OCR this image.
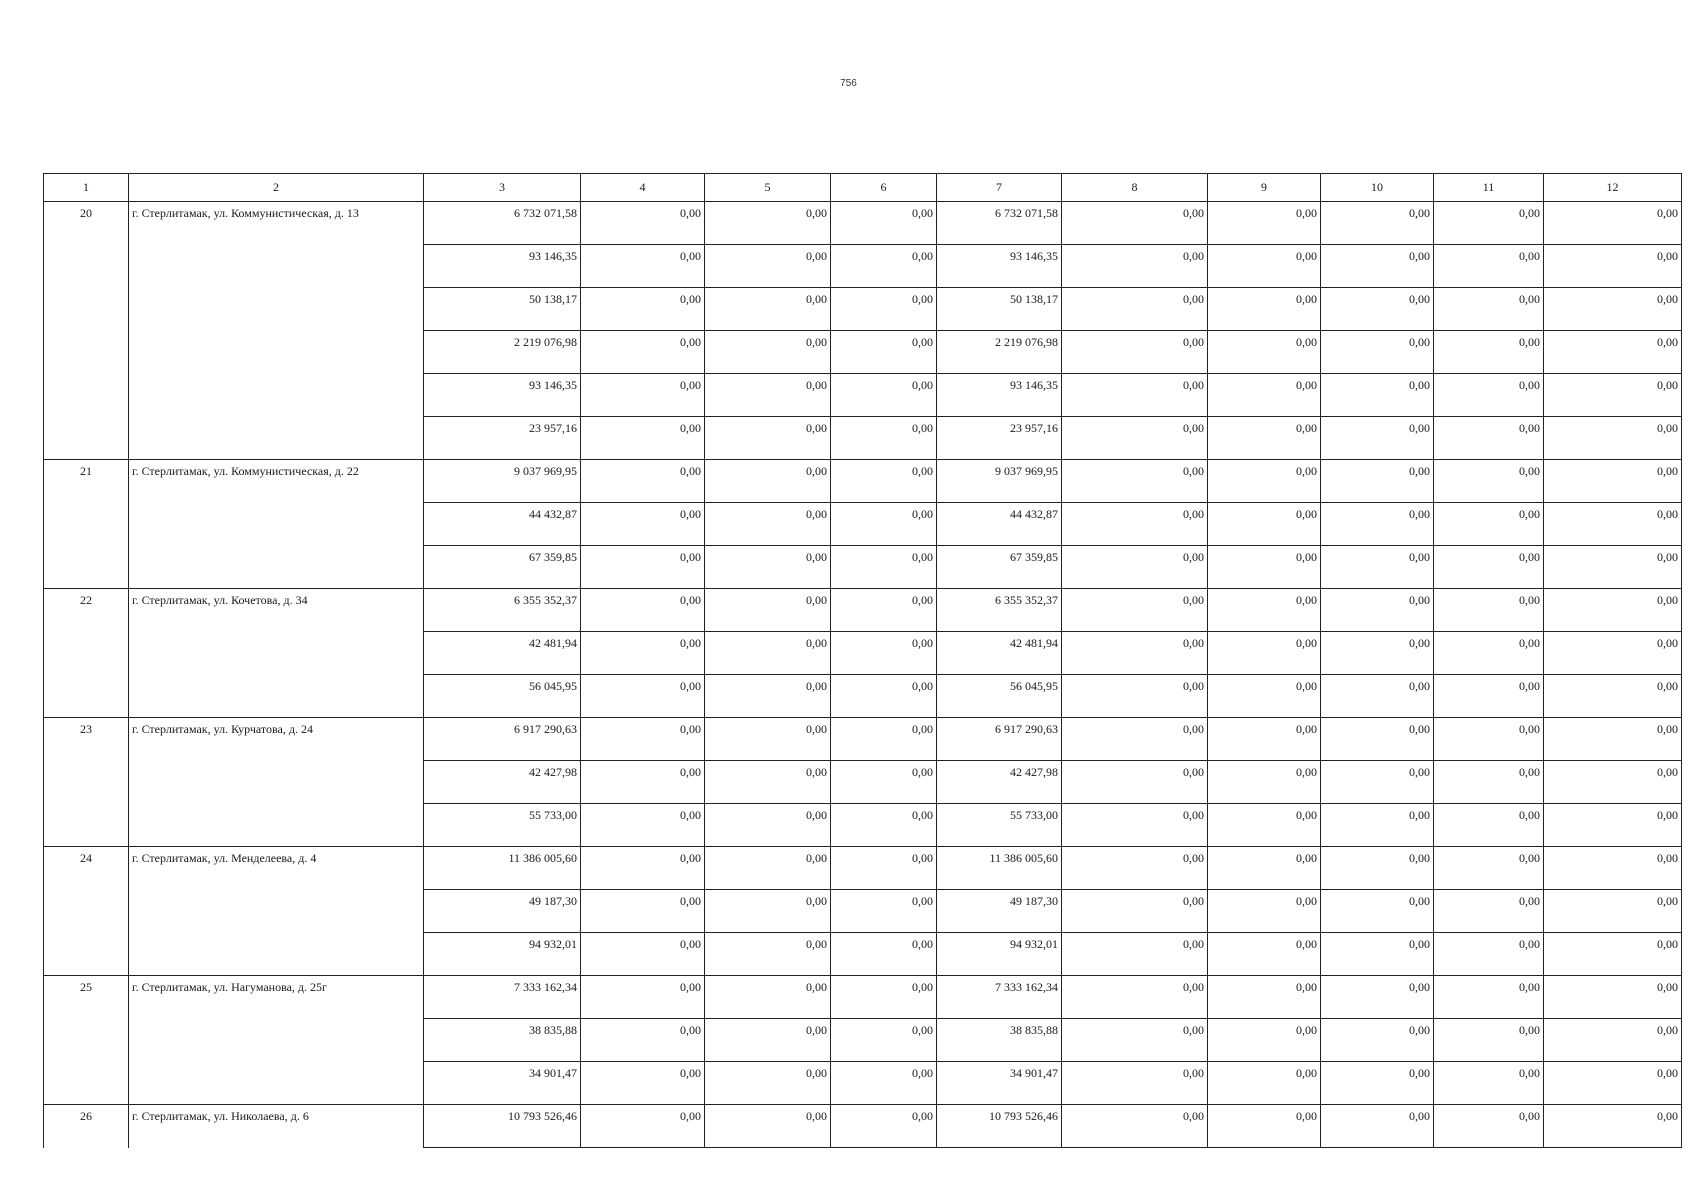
756
1	2	3	4	5	6	7	8	9	10	11	12
20	г. Стерлитамак, ул. Коммунистическая, д. 13	6 732 071,58	0,00	0,00	0,00	6 732 071,58	0,00	0,00	0,00	0,00	0,00
		93 146,35	0,00	0,00	0,00	93 146,35	0,00	0,00	0,00	0,00	0,00
		50 138,17	0,00	0,00	0,00	50 138,17	0,00	0,00	0,00	0,00	0,00
		2 219 076,98	0,00	0,00	0,00	2 219 076,98	0,00	0,00	0,00	0,00	0,00
		93 146,35	0,00	0,00	0,00	93 146,35	0,00	0,00	0,00	0,00	0,00
		23 957,16	0,00	0,00	0,00	23 957,16	0,00	0,00	0,00	0,00	0,00
21	г. Стерлитамак, ул. Коммунистическая, д. 22	9 037 969,95	0,00	0,00	0,00	9 037 969,95	0,00	0,00	0,00	0,00	0,00
		44 432,87	0,00	0,00	0,00	44 432,87	0,00	0,00	0,00	0,00	0,00
		67 359,85	0,00	0,00	0,00	67 359,85	0,00	0,00	0,00	0,00	0,00
22	г. Стерлитамак, ул. Кочетова, д. 34	6 355 352,37	0,00	0,00	0,00	6 355 352,37	0,00	0,00	0,00	0,00	0,00
		42 481,94	0,00	0,00	0,00	42 481,94	0,00	0,00	0,00	0,00	0,00
		56 045,95	0,00	0,00	0,00	56 045,95	0,00	0,00	0,00	0,00	0,00
23	г. Стерлитамак, ул. Курчатова, д. 24	6 917 290,63	0,00	0,00	0,00	6 917 290,63	0,00	0,00	0,00	0,00	0,00
		42 427,98	0,00	0,00	0,00	42 427,98	0,00	0,00	0,00	0,00	0,00
		55 733,00	0,00	0,00	0,00	55 733,00	0,00	0,00	0,00	0,00	0,00
24	г. Стерлитамак, ул. Менделеева, д. 4	11 386 005,60	0,00	0,00	0,00	11 386 005,60	0,00	0,00	0,00	0,00	0,00
		49 187,30	0,00	0,00	0,00	49 187,30	0,00	0,00	0,00	0,00	0,00
		94 932,01	0,00	0,00	0,00	94 932,01	0,00	0,00	0,00	0,00	0,00
25	г. Стерлитамак, ул. Нагуманова, д. 25г	7 333 162,34	0,00	0,00	0,00	7 333 162,34	0,00	0,00	0,00	0,00	0,00
		38 835,88	0,00	0,00	0,00	38 835,88	0,00	0,00	0,00	0,00	0,00
		34 901,47	0,00	0,00	0,00	34 901,47	0,00	0,00	0,00	0,00	0,00
26	г. Стерлитамак, ул. Николаева, д. 6	10 793 526,46	0,00	0,00	0,00	10 793 526,46	0,00	0,00	0,00	0,00	0,00
